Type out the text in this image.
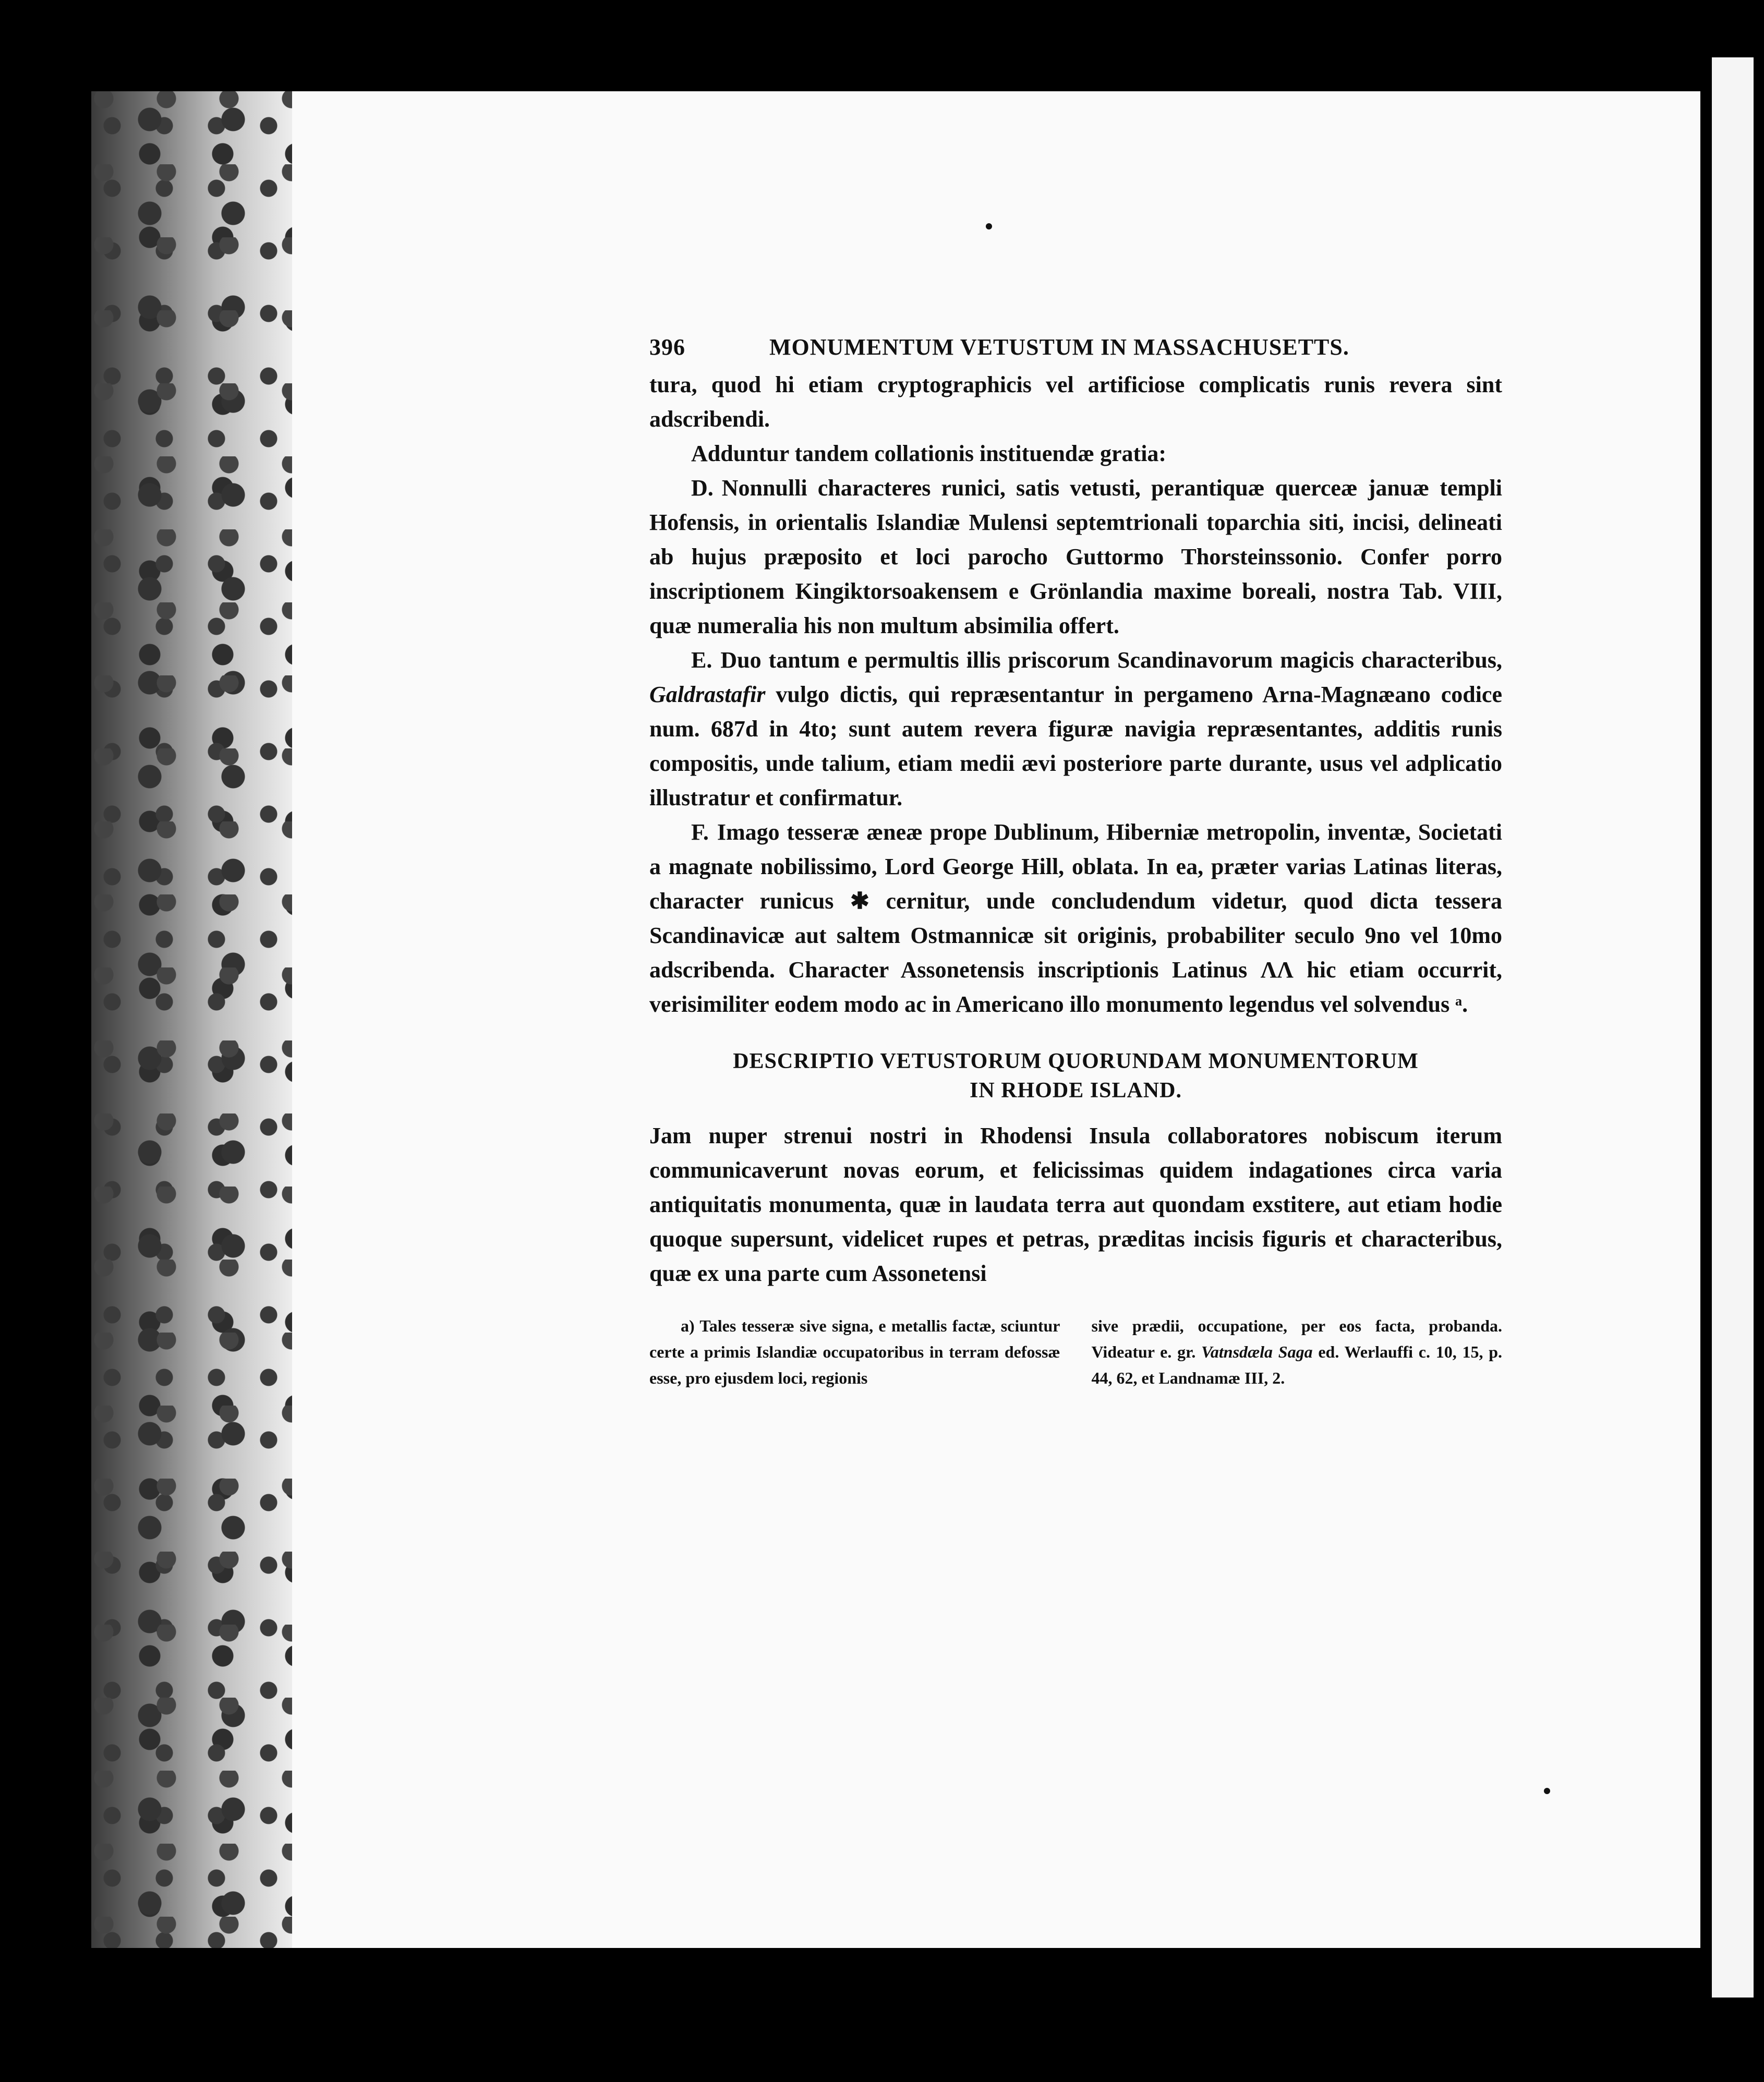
396	MONUMENTUM VETUSTUM IN MASSACHUSETTS.

tura, quod hi etiam cryptographicis vel artificiose complicatis runis revera sint adscribendi.

Adduntur tandem collationis instituendæ gratia:

D. Nonnulli characteres runici, satis vetusti, perantiquæ querceæ januæ templi Hofensis, in orientalis Islandiæ Mulensi septemtrionali toparchia siti, incisi, delineati ab hujus præposito et loci parocho Guttormo Thorsteinssonio. Confer porro inscriptionem Kingiktorsoakensem e Grönlandia maxime boreali, nostra Tab. VIII, quæ numeralia his non multum absimilia offert.

E. Duo tantum e permultis illis priscorum Scandinavorum magicis characteribus, Galdrastafir vulgo dictis, qui repræsentantur in pergameno Arna-Magnæano codice num. 687d in 4to; sunt autem revera figuræ navigia repræsentantes, additis runis compositis, unde talium, etiam medii ævi posteriore parte durante, usus vel adplicatio illustratur et confirmatur.

F. Imago tesseræ æneæ prope Dublinum, Hiberniæ metropolin, inventæ, Societati a magnate nobilissimo, Lord George Hill, oblata. In ea, præter varias Latinas literas, character runicus ✱ cernitur, unde concludendum videtur, quod dicta tessera Scandinavicæ aut saltem Ostmannicæ sit originis, probabiliter seculo 9no vel 10mo adscribenda. Character Assonetensis inscriptionis Latinus ΛΛ hic etiam occurrit, verisimiliter eodem modo ac in Americano illo monumento legendus vel solvendus ᵃ.

DESCRIPTIO VETUSTORUM QUORUNDAM MONUMENTORUM
IN RHODE ISLAND.

Jam nuper strenui nostri in Rhodensi Insula collaboratores nobiscum iterum communicaverunt novas eorum, et felicissimas quidem indagationes circa varia antiquitatis monumenta, quæ in laudata terra aut quondam exstitere, aut etiam hodie quoque supersunt, videlicet rupes et petras, præditas incisis figuris et characteribus, quæ ex una parte cum Assonetensi

a) Tales tesseræ sive signa, e metallis factæ, sciuntur certe a primis Islandiæ occupatoribus in terram defossæ esse, pro ejusdem loci, regionis
sive prædii, occupatione, per eos facta, probanda. Videatur e. gr. Vatnsdæla Saga ed. Werlauffi c. 10, 15, p. 44, 62, et Landnamæ III, 2.
